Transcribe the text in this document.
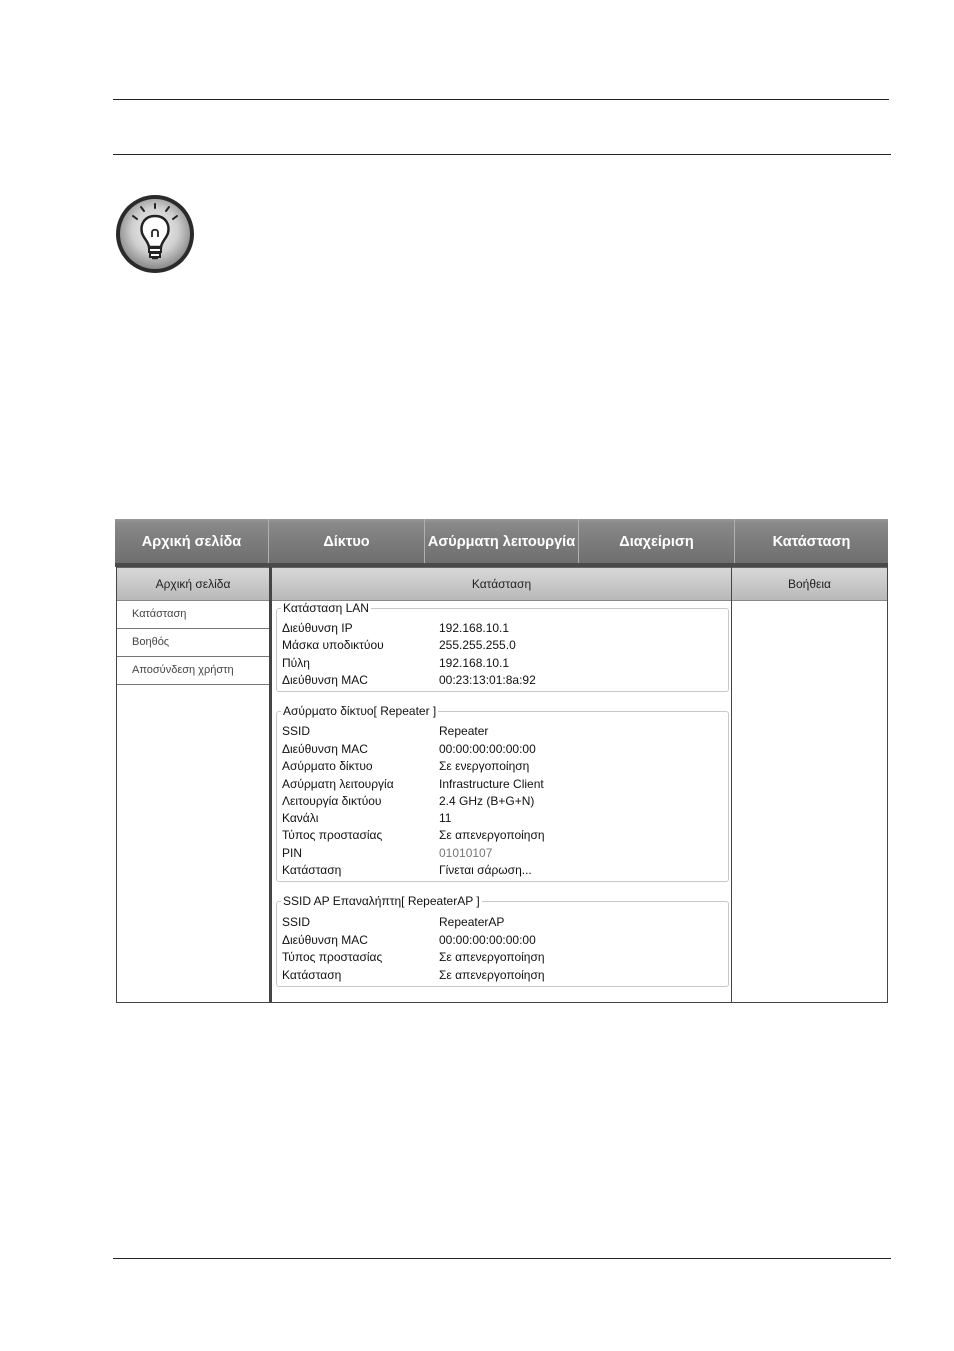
Αρχική σελίδα	Δίκτυο	Ασύρματη λειτουργία	Διαχείριση	Κατάσταση
Αρχική σελίδα
Κατάσταση
Βοηθός
Αποσύνδεση χρήστη
Κατάσταση
Κατάσταση LAN
Διεύθυνση IP	192.168.10.1
Μάσκα υποδικτύου	255.255.255.0
Πύλη	192.168.10.1
Διεύθυνση MAC	00:23:13:01:8a:92
Ασύρματο δίκτυο[ Repeater ]
SSID	Repeater
Διεύθυνση MAC	00:00:00:00:00:00
Ασύρματο δίκτυο	Σε ενεργοποίηση
Ασύρματη λειτουργία	Infrastructure Client
Λειτουργία δικτύου	2.4 GHz (B+G+N)
Κανάλι	11
Τύπος προστασίας	Σε απενεργοποίηση
PIN	01010107
Κατάσταση	Γίνεται σάρωση...
SSID AP Επαναλήπτη[ RepeaterAP ]
SSID	RepeaterAP
Διεύθυνση MAC	00:00:00:00:00:00
Τύπος προστασίας	Σε απενεργοποίηση
Κατάσταση	Σε απενεργοποίηση
Βοήθεια
